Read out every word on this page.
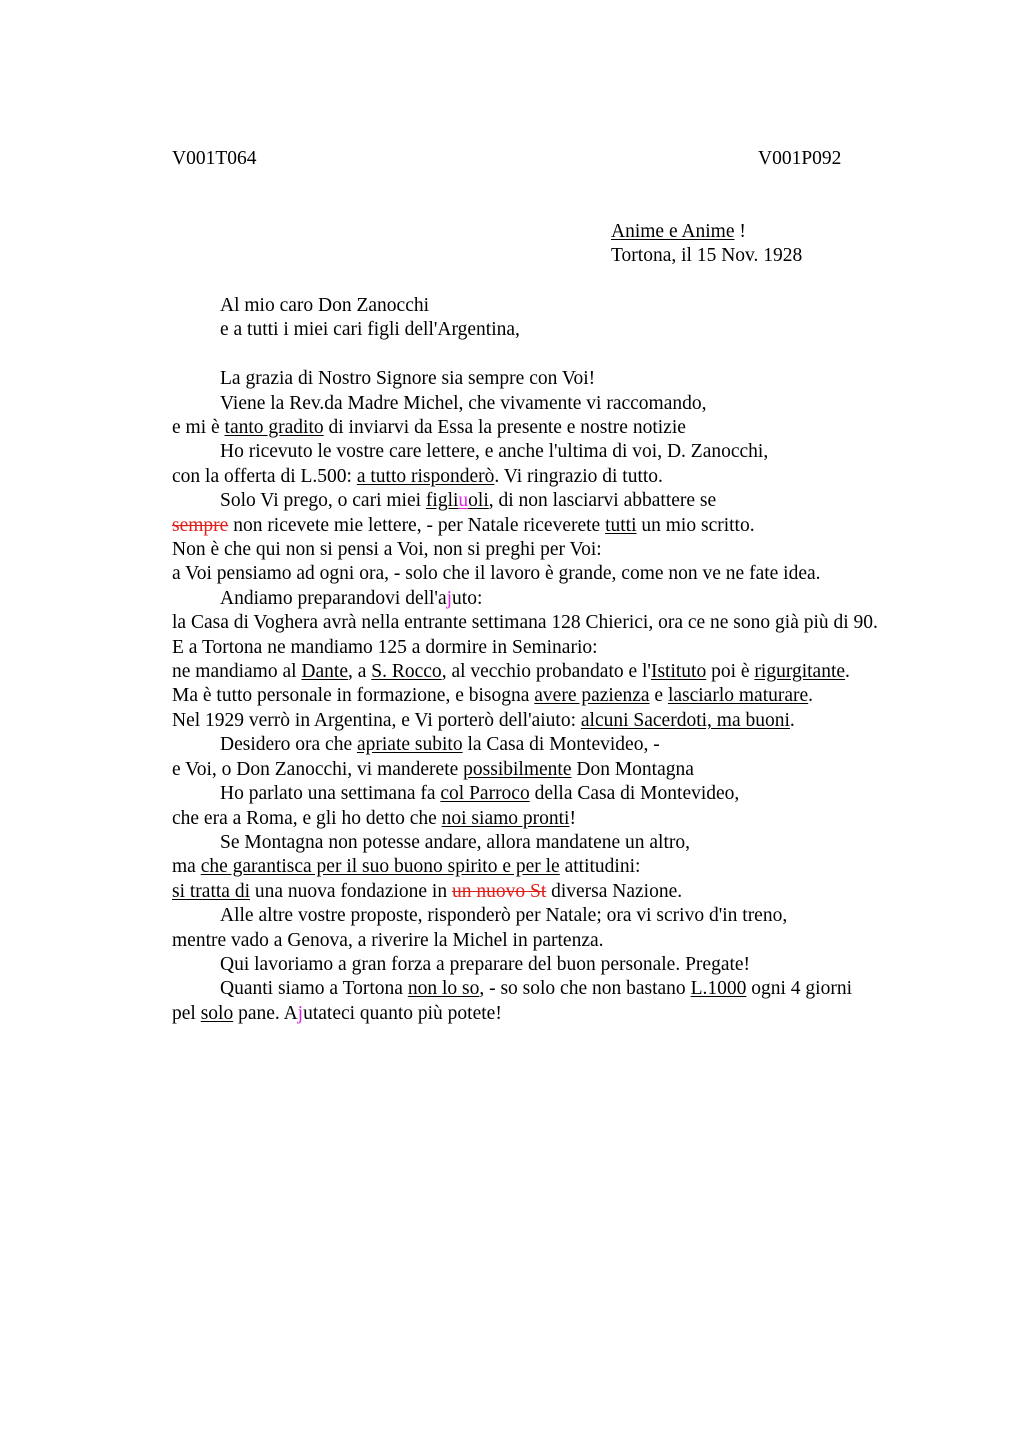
V001T064	V001P092
Anime e Anime !
Tortona, il 15 Nov. 1928
Al mio caro Don Zanocchi
e a tutti i miei cari figli dell'Argentina,
La grazia di Nostro Signore sia sempre con Voi!
Viene la Rev.da Madre Michel, che vivamente vi raccomando,
e mi è tanto gradito di inviarvi da Essa la presente e nostre notizie
Ho ricevuto le vostre care lettere, e anche l'ultima di voi, D. Zanocchi,
con la offerta di L.500: a tutto risponderò. Vi ringrazio di tutto.
Solo Vi prego, o cari miei figliuoli, di non lasciarvi abbattere se
sempre non ricevete mie lettere, - per Natale riceverete tutti un mio scritto.
Non è che qui non si pensi a Voi, non si preghi per Voi:
a Voi pensiamo ad ogni ora, - solo che il lavoro è grande, come non ve ne fate idea.
Andiamo preparandovi dell'ajuto:
la Casa di Voghera avrà nella entrante settimana 128 Chierici, ora ce ne sono già più di 90.
E a Tortona ne mandiamo 125 a dormire in Seminario:
ne mandiamo al Dante, a S. Rocco, al vecchio probandato e l'Istituto poi è rigurgitante.
Ma è tutto personale in formazione, e bisogna avere pazienza e lasciarlo maturare.
Nel 1929 verrò in Argentina, e Vi porterò dell'aiuto: alcuni Sacerdoti, ma buoni.
Desidero ora che apriate subito la Casa di Montevideo, -
e Voi, o Don Zanocchi, vi manderete possibilmente Don Montagna
Ho parlato una settimana fa col Parroco della Casa di Montevideo,
che era a Roma, e gli ho detto che noi siamo pronti!
Se Montagna non potesse andare, allora mandatene un altro,
ma che garantisca per il suo buono spirito e per le attitudini:
si tratta di una nuova fondazione in un nuovo St diversa Nazione.
Alle altre vostre proposte, risponderò per Natale; ora vi scrivo d'in treno,
mentre vado a Genova, a riverire la Michel in partenza.
Qui lavoriamo a gran forza a preparare del buon personale. Pregate!
Quanti siamo a Tortona non lo so, - so solo che non bastano L.1000 ogni 4 giorni
pel solo pane. Ajutateci quanto più potete!
